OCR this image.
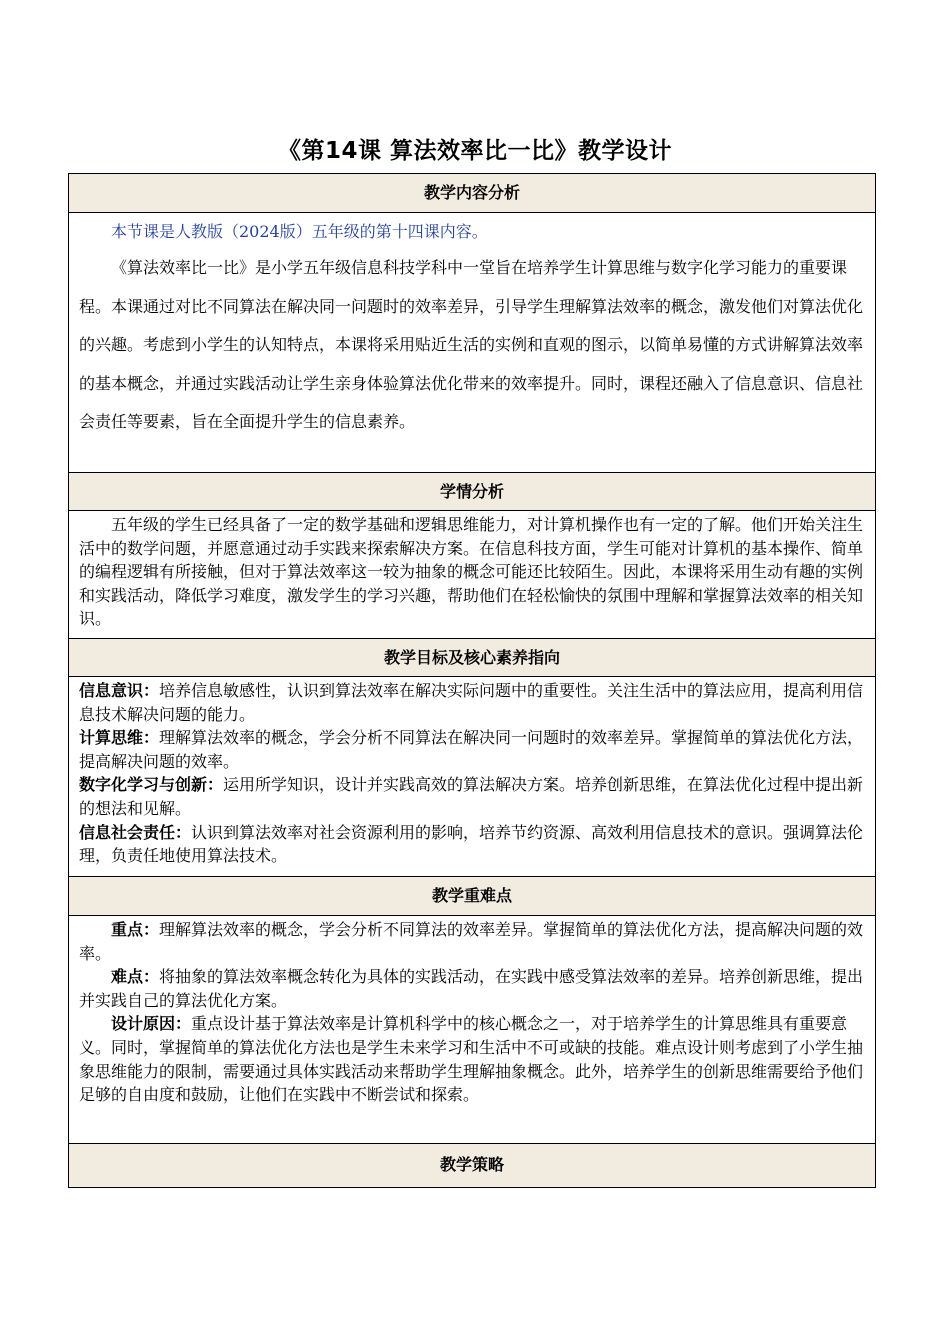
《第14课 算法效率比一比》教学设计
教学内容分析

本节课是人教版（2024版）五年级的第十四课内容。

《算法效率比一比》是小学五年级信息科技学科中一堂旨在培养学生计算思维与数字化学习能力的重要课程。本课通过对比不同算法在解决同一问题时的效率差异，引导学生理解算法效率的概念，激发他们对算法优化的兴趣。考虑到小学生的认知特点，本课将采用贴近生活的实例和直观的图示，以简单易懂的方式讲解算法效率的基本概念，并通过实践活动让学生亲身体验算法优化带来的效率提升。同时，课程还融入了信息意识、信息社会责任等要素，旨在全面提升学生的信息素养。

学情分析

五年级的学生已经具备了一定的数学基础和逻辑思维能力，对计算机操作也有一定的了解。他们开始关注生活中的数学问题，并愿意通过动手实践来探索解决方案。在信息科技方面，学生可能对计算机的基本操作、简单的编程逻辑有所接触，但对于算法效率这一较为抽象的概念可能还比较陌生。因此，本课将采用生动有趣的实例和实践活动，降低学习难度，激发学生的学习兴趣，帮助他们在轻松愉快的氛围中理解和掌握算法效率的相关知识。

教学目标及核心素养指向

信息意识：培养信息敏感性，认识到算法效率在解决实际问题中的重要性。关注生活中的算法应用，提高利用信息技术解决问题的能力。

计算思维：理解算法效率的概念，学会分析不同算法在解决同一问题时的效率差异。掌握简单的算法优化方法，提高解决问题的效率。

数字化学习与创新：运用所学知识，设计并实践高效的算法解决方案。培养创新思维，在算法优化过程中提出新的想法和见解。

信息社会责任：认识到算法效率对社会资源利用的影响，培养节约资源、高效利用信息技术的意识。强调算法伦理，负责任地使用算法技术。

教学重难点

重点：理解算法效率的概念，学会分析不同算法的效率差异。掌握简单的算法优化方法，提高解决问题的效率。

难点：将抽象的算法效率概念转化为具体的实践活动，在实践中感受算法效率的差异。培养创新思维，提出并实践自己的算法优化方案。

设计原因：重点设计基于算法效率是计算机科学中的核心概念之一，对于培养学生的计算思维具有重要意义。同时，掌握简单的算法优化方法也是学生未来学习和生活中不可或缺的技能。难点设计则考虑到了小学生抽象思维能力的限制，需要通过具体实践活动来帮助学生理解抽象概念。此外，培养学生的创新思维需要给予他们足够的自由度和鼓励，让他们在实践中不断尝试和探索。

教学策略
